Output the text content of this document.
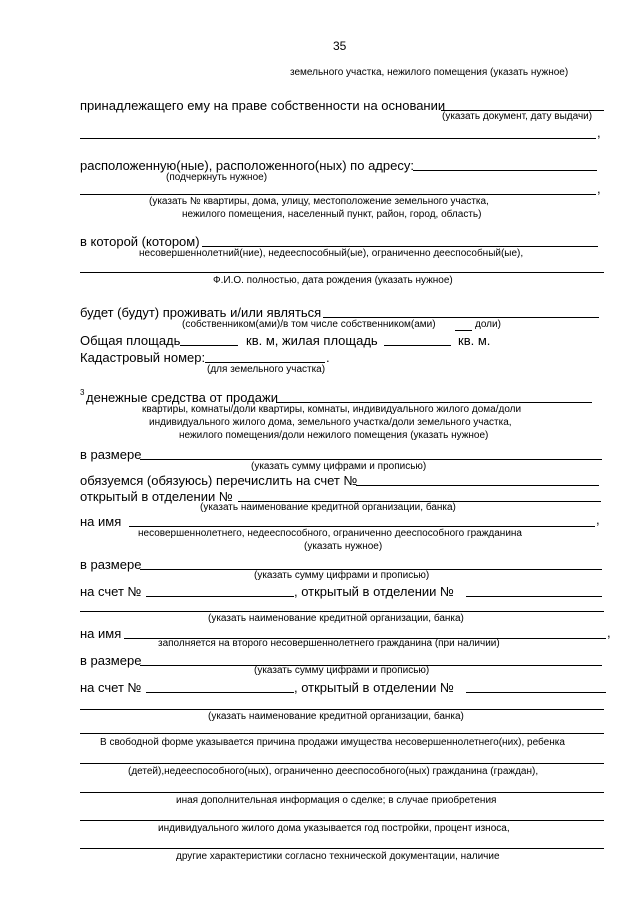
35
земельного участка, нежилого помещения (указать нужное)
принадлежащего ему на праве собственности на основании
(указать документ, дату выдачи)
,
расположенную(ные), расположенного(ных) по адресу:
(подчеркнуть нужное)
,
(указать № квартиры, дома, улицу, местоположение земельного участка,
нежилого помещения, населенный пункт, район, город, область)
в которой (котором)
несовершеннолетний(ние), недееспособный(ые), ограниченно дееспособный(ые),
Ф.И.О. полностью, дата рождения (указать нужное)
будет (будут) проживать и/или являться
(собственником(ами)/в том числе собственником(ами)	доли)
Общая площадь	кв. м, жилая площадь	кв. м.
Кадастровый номер:	.
(для земельного участка)
3 денежные средства от продажи
квартиры, комнаты/доли квартиры, комнаты, индивидуального жилого дома/доли
индивидуального жилого дома, земельного участка/доли земельного участка,
нежилого помещения/доли нежилого помещения (указать нужное)
в размере
(указать сумму цифрами и прописью)
обязуемся (обязуюсь) перечислить на счет №
открытый в отделении №
(указать наименование кредитной организации, банка)
на имя	,
несовершеннолетнего, недееспособного, ограниченно дееспособного гражданина
(указать нужное)
в размере
(указать сумму цифрами и прописью)
на счет №	, открытый в отделении №
(указать наименование кредитной организации, банка)
на имя	,
заполняется на второго несовершеннолетнего гражданина (при наличии)
в размере
(указать сумму цифрами и прописью)
на счет №	, открытый в отделении №
(указать наименование кредитной организации, банка)
В свободной форме указывается причина продажи имущества несовершеннолетнего(них), ребенка
(детей),недееспособного(ных), ограниченно дееспособного(ных) гражданина (граждан),
иная дополнительная информация о сделке; в случае приобретения
индивидуального жилого дома указывается год постройки, процент износа,
другие характеристики согласно технической документации, наличие
